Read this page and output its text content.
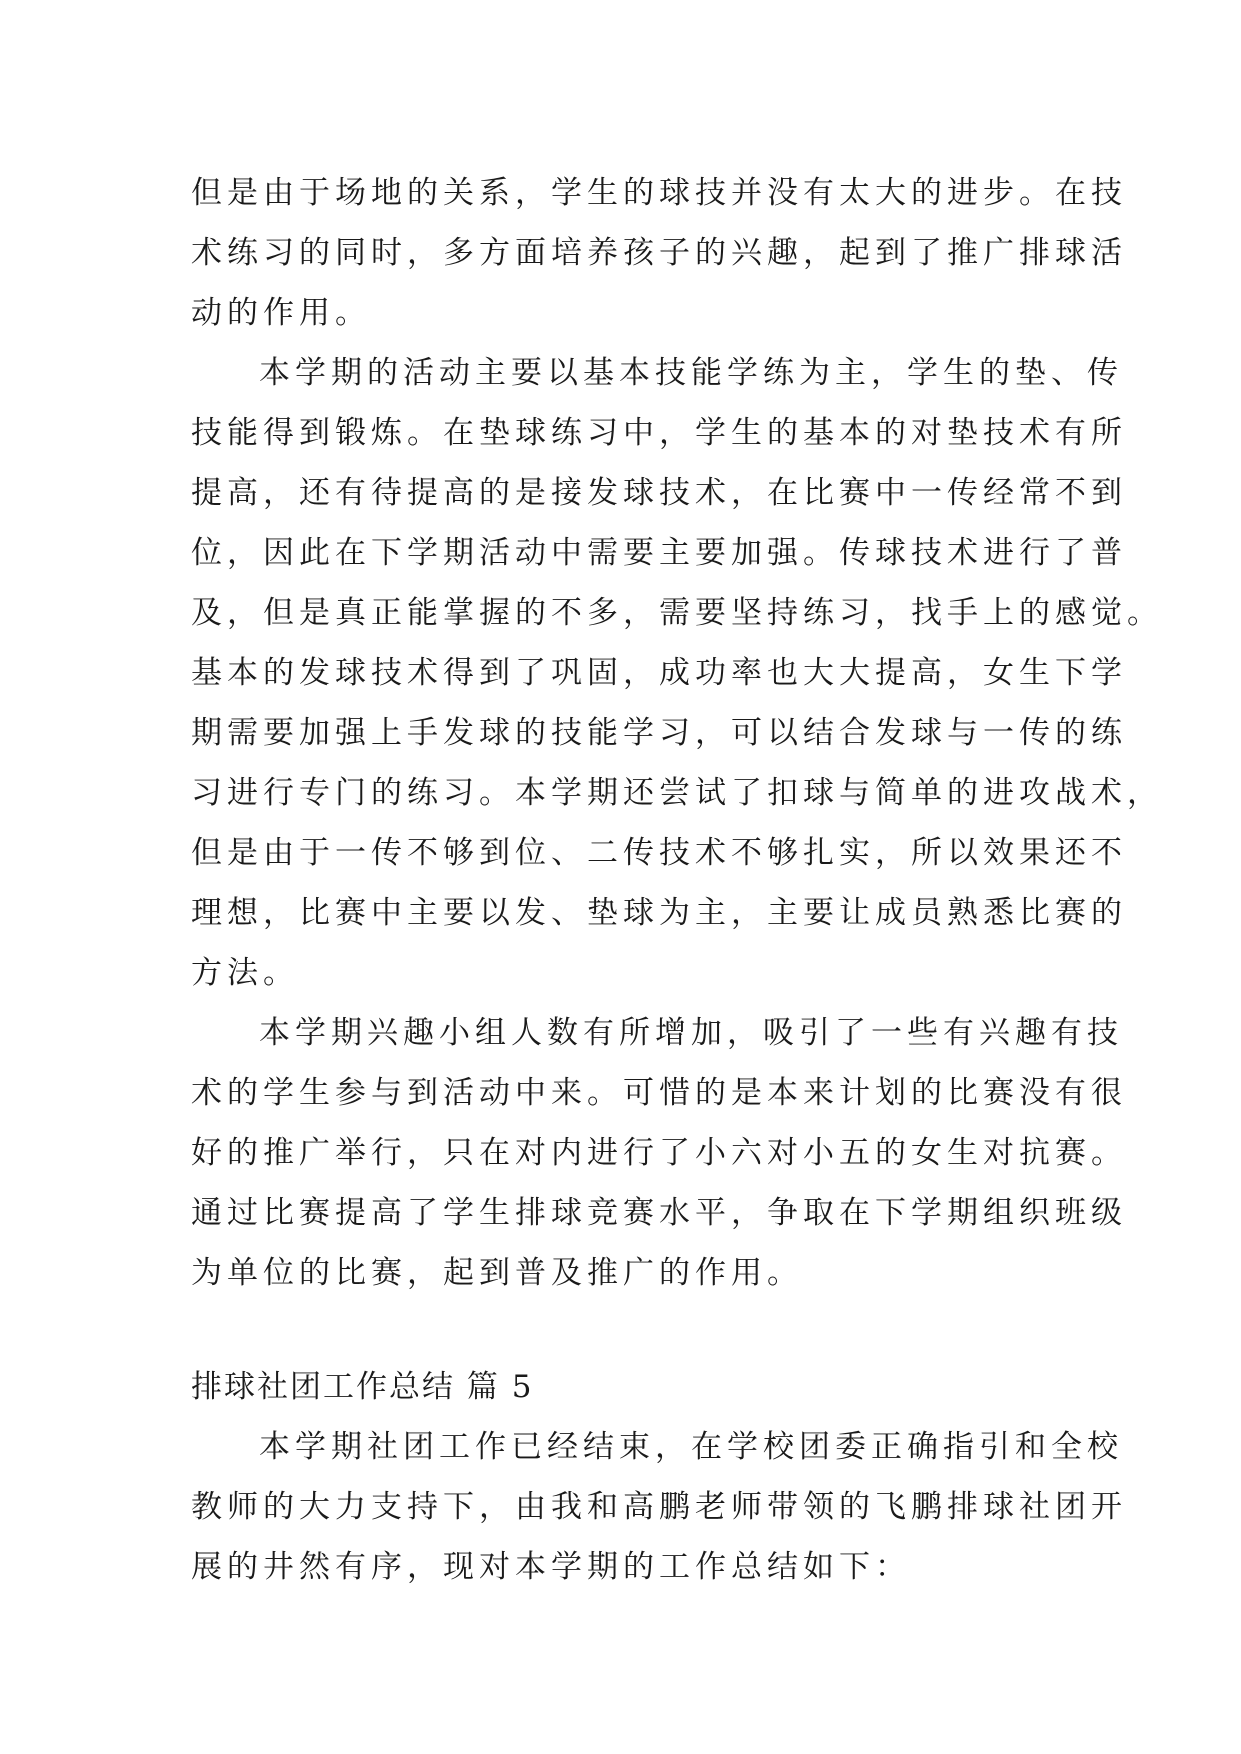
但是由于场地的关系，学生的球技并没有太大的进步。在技
术练习的同时，多方面培养孩子的兴趣，起到了推广排球活
动的作用。
本学期的活动主要以基本技能学练为主，学生的垫、传
技能得到锻炼。在垫球练习中，学生的基本的对垫技术有所
提高，还有待提高的是接发球技术，在比赛中一传经常不到
位，因此在下学期活动中需要主要加强。传球技术进行了普
及，但是真正能掌握的不多，需要坚持练习，找手上的感觉。
基本的发球技术得到了巩固，成功率也大大提高，女生下学
期需要加强上手发球的技能学习，可以结合发球与一传的练
习进行专门的练习。本学期还尝试了扣球与简单的进攻战术，
但是由于一传不够到位、二传技术不够扎实，所以效果还不
理想，比赛中主要以发、垫球为主，主要让成员熟悉比赛的
方法。
本学期兴趣小组人数有所增加，吸引了一些有兴趣有技
术的学生参与到活动中来。可惜的是本来计划的比赛没有很
好的推广举行，只在对内进行了小六对小五的女生对抗赛。
通过比赛提高了学生排球竞赛水平，争取在下学期组织班级
为单位的比赛，起到普及推广的作用。
排球社团工作总结 篇 5
本学期社团工作已经结束，在学校团委正确指引和全校
教师的大力支持下，由我和高鹏老师带领的飞鹏排球社团开
展的井然有序，现对本学期的工作总结如下：
